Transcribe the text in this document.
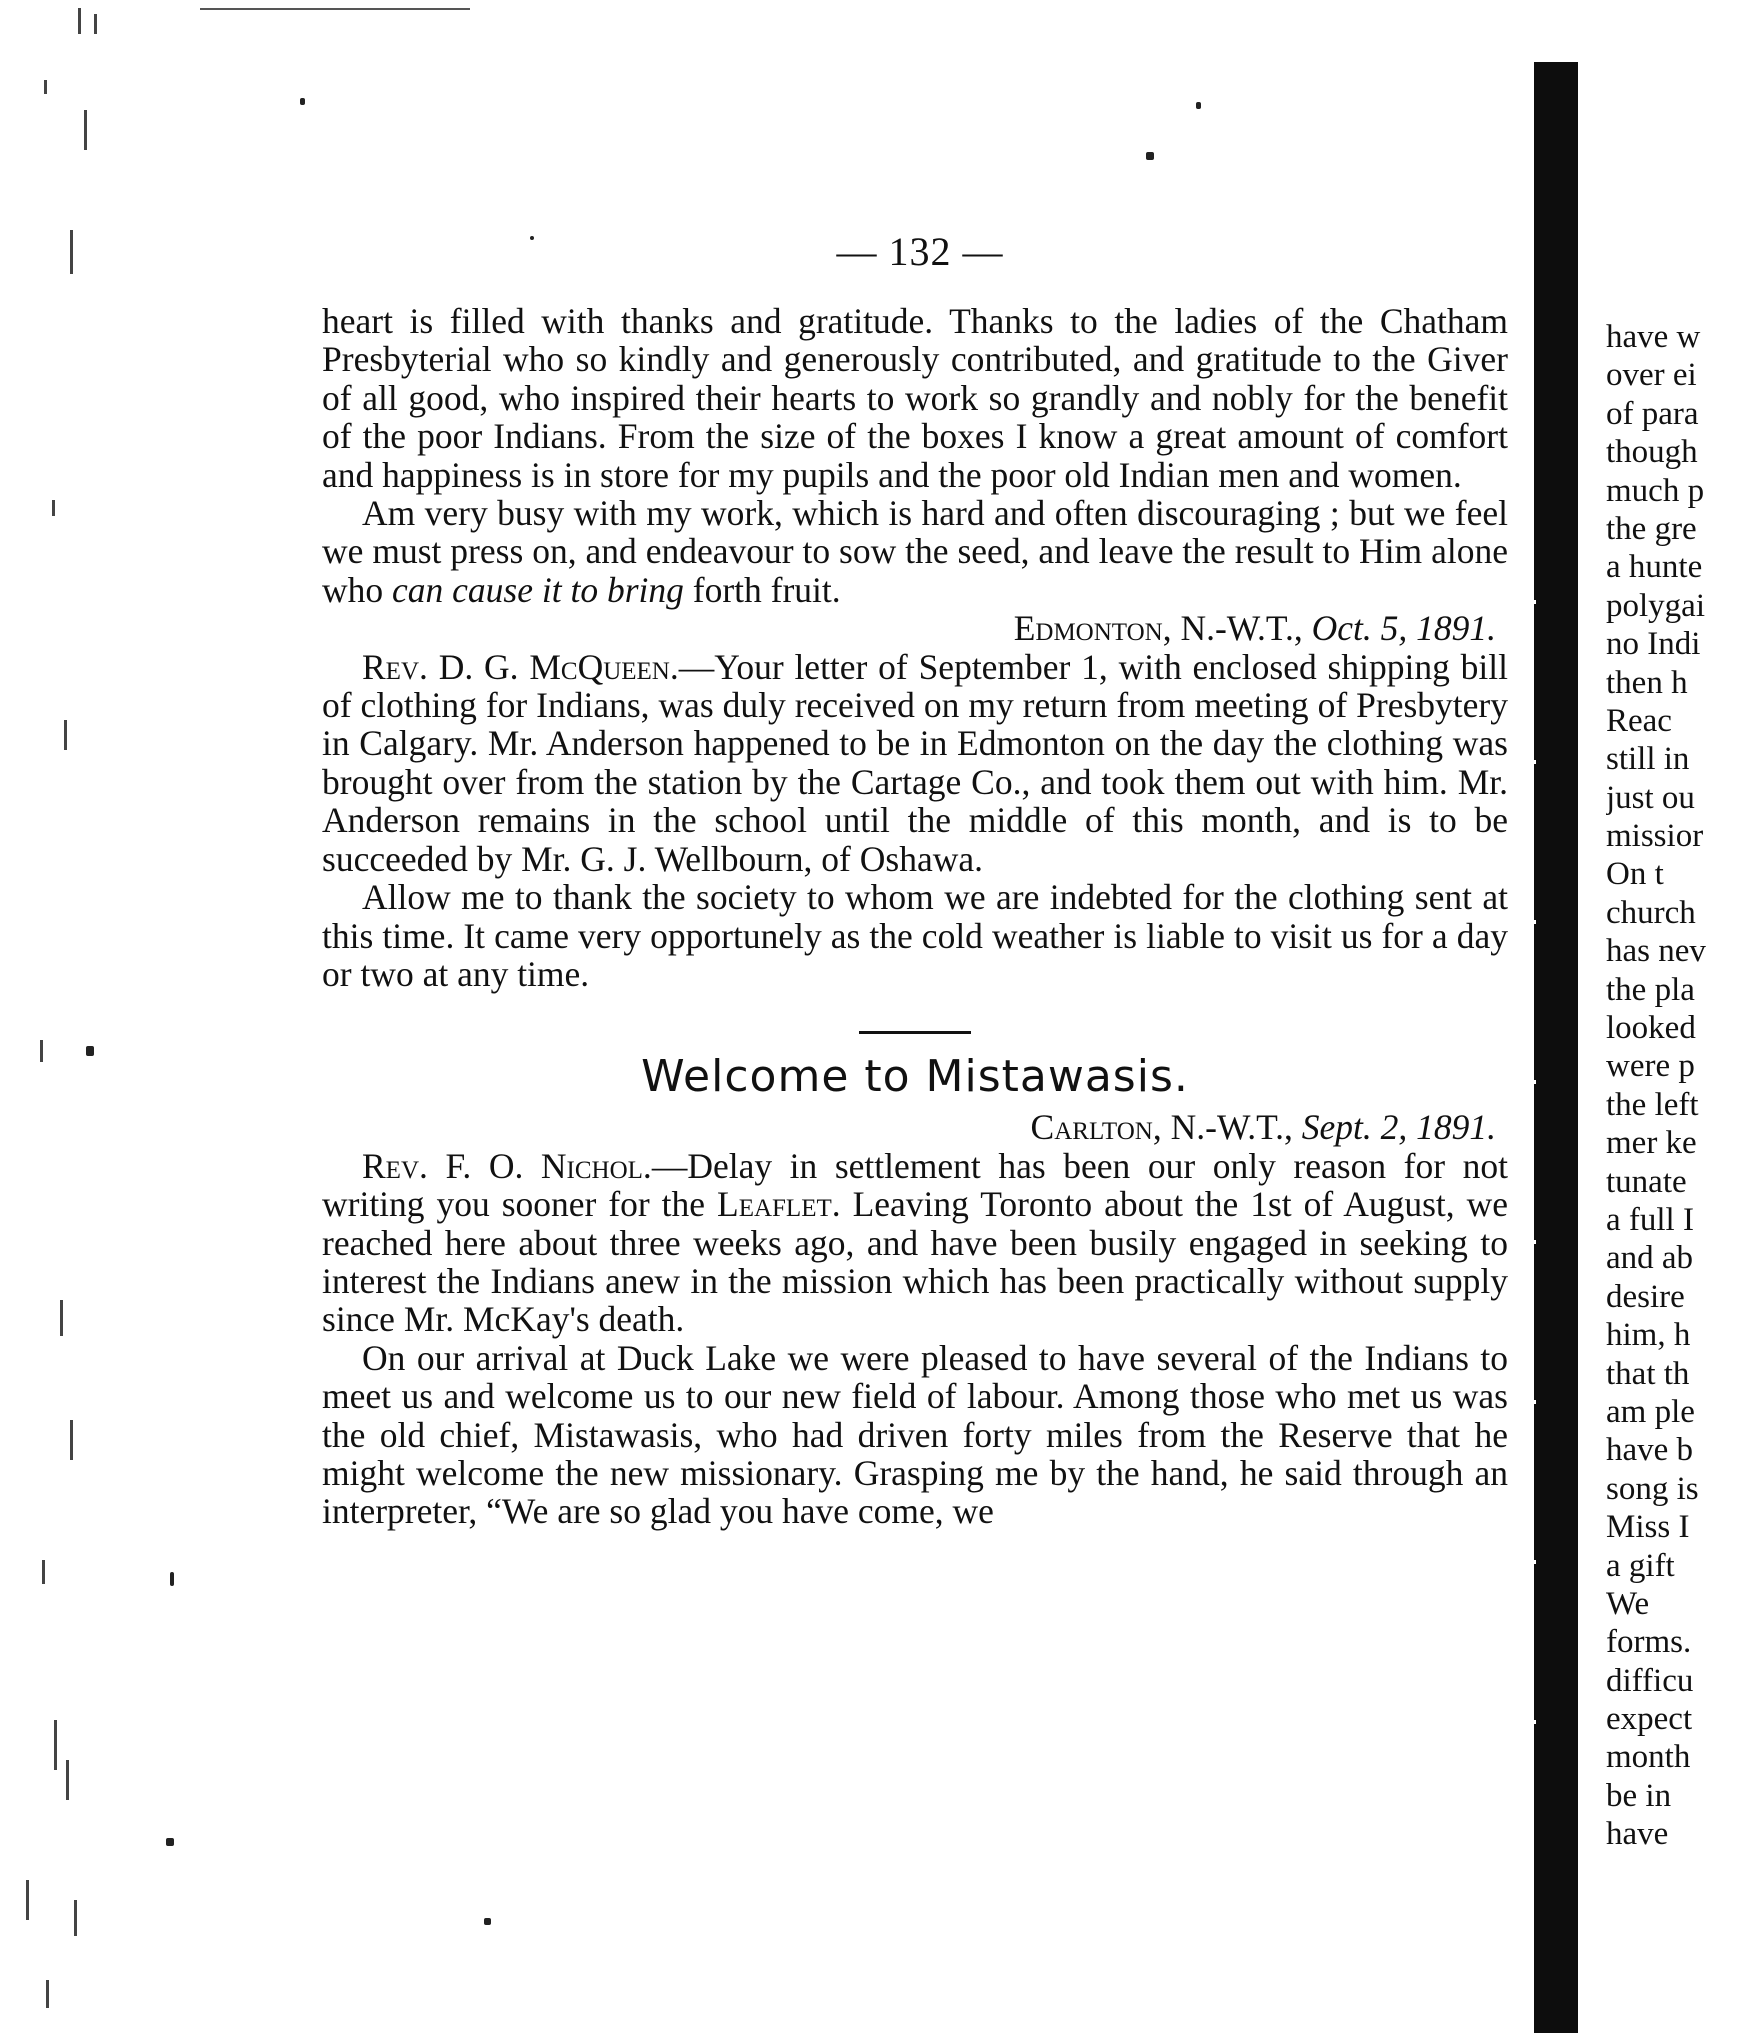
— 132 —

heart is filled with thanks and gratitude. Thanks to the ladies of the Chatham Presbyterial who so kindly and generously contributed, and gratitude to the Giver of all good, who inspired their hearts to work so grandly and nobly for the benefit of the poor Indians. From the size of the boxes I know a great amount of comfort and happiness is in store for my pupils and the poor old Indian men and women.

Am very busy with my work, which is hard and often discouraging ; but we feel we must press on, and endeavour to sow the seed, and leave the result to Him alone who can cause it to bring forth fruit.

Edmonton, N.-W.T., Oct. 5, 1891.

Rev. D. G. McQueen.—Your letter of September 1, with enclosed shipping bill of clothing for Indians, was duly received on my return from meeting of Presbytery in Calgary. Mr. Anderson happened to be in Edmonton on the day the clothing was brought over from the station by the Cartage Co., and took them out with him. Mr. Anderson remains in the school until the middle of this month, and is to be succeeded by Mr. G. J. Wellbourn, of Oshawa.

Allow me to thank the society to whom we are indebted for the clothing sent at this time. It came very opportunely as the cold weather is liable to visit us for a day or two at any time.

Welcome to Mistawasis.

Carlton, N.-W.T., Sept. 2, 1891.

Rev. F. O. Nichol.—Delay in settlement has been our only reason for not writing you sooner for the Leaflet. Leaving Toronto about the 1st of August, we reached here about three weeks ago, and have been busily engaged in seeking to interest the Indians anew in the mission which has been practically without supply since Mr. McKay's death.

On our arrival at Duck Lake we were pleased to have several of the Indians to meet us and welcome us to our new field of labour. Among those who met us was the old chief, Mistawasis, who had driven forty miles from the Reserve that he might welcome the new missionary. Grasping me by the hand, he said through an interpreter, “We are so glad you have come, we

have w
over ei
of para
though
much p
the gre
a hunte
polygai
no Indi
then h
Reac
still in
just ou
missior
On t
church
has nev
the pla
looked
were p
the left
mer ke
tunate
a full I
and ab
desire
him, h
that th
am ple
have b
song is
Miss I
a gift
We
forms.
difficu
expect
month
be in
have
